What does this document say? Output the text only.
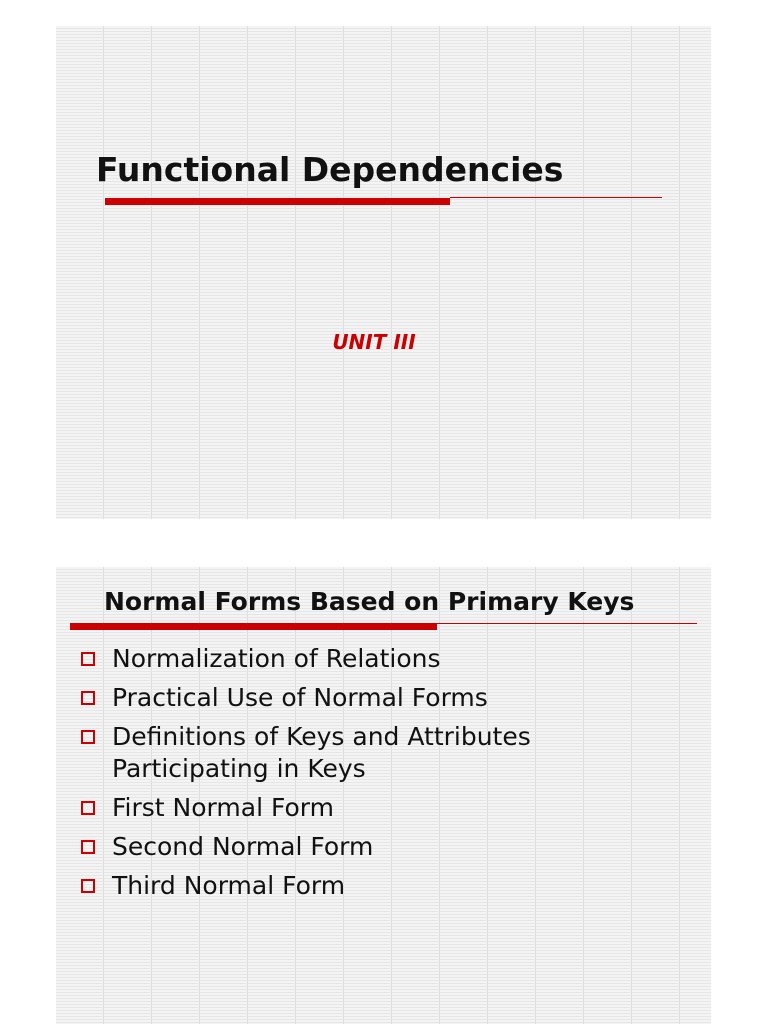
Functional Dependencies
UNIT III
Normal Forms Based on Primary Keys
Normalization of Relations
Practical Use of Normal Forms
Definitions of Keys and Attributes Participating in Keys
First Normal Form
Second Normal Form
Third Normal Form
